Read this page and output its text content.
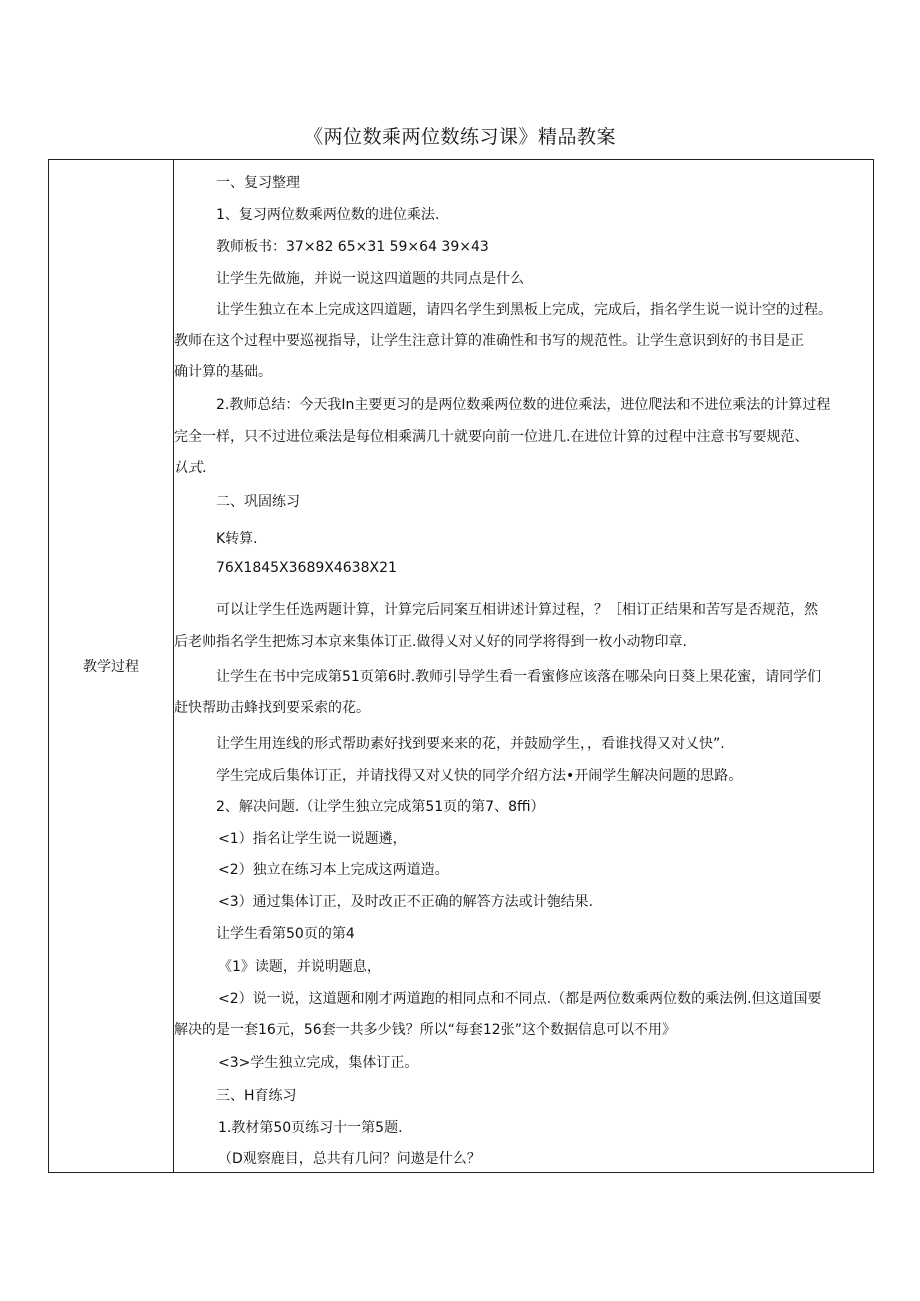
《两位数乘两位数练习课》精品教案
教学过程
一、复习整理
1、复习两位数乘两位数的进位乘法.
教师板书：37×82 65×31 59×64 39×43
让学生先做施，并说一说这四道题的共同点是什么
让学生独立在本上完成这四道题，请四名学生到黑板上完成，完成后，指名学生说一说计空的过程。
教师在这个过程中要巡视指导，让学生注意计算的准确性和书写的规范性。让学生意识到好的书目是正
确计算的基础。
2.教师总结：今天我In主要更习的是两位数乘两位数的进位乘法，进位爬法和不进位乘法的计算过程
完全一样，只不过进位乘法是每位相乘满几十就要向前一位进几.在进位计算的过程中注意书写要规范、
认式.
二、巩固练习
K转算.
76X1845X3689X4638X21
可以让学生任选两题计算，计算完后同案互相讲述计算过程，？［相订正结果和苦写是否规范，然
后老帅指名学生把炼习本京来集体订正.做得乂对乂好的同学将得到一枚小动物印章.
让学生在书中完成第51页第6时.教师引导学生看一看蜜修应该落在哪朵向日葵上果花蜜，请同学们
赶快帮助击蜂找到要采索的花。
让学生用连线的形式帮助素好找到要来来的花，并鼓励学生，，看谁找得又对乂快”.
学生完成后集体订正，并请找得又对乂快的同学介绍方法•开闹学生解决问题的思路。
2、解决问题.（让学生独立完成第51页的第7、8ffi）
<1）指名让学生说一说题遴，
<2）独立在练习本上完成这两道造。
<3）通过集体订正，及时改正不正确的解答方法或计匏结果.
让学生看第50页的第4
《1》读题，并说明题息，
<2）说一说，这道题和刚才两道跑的相同点和不同点.（都是两位数乘两位数的乘法例.但这道国要
解决的是一套16元，56套一共多少钱？所以“每套12张”这个数据信息可以不用》
<3>学生独立完成，集体订正。
三、H育练习
1.教材第50页练习十一第5题.
（D观察鹿目，总共有几问？问遨是什么？
